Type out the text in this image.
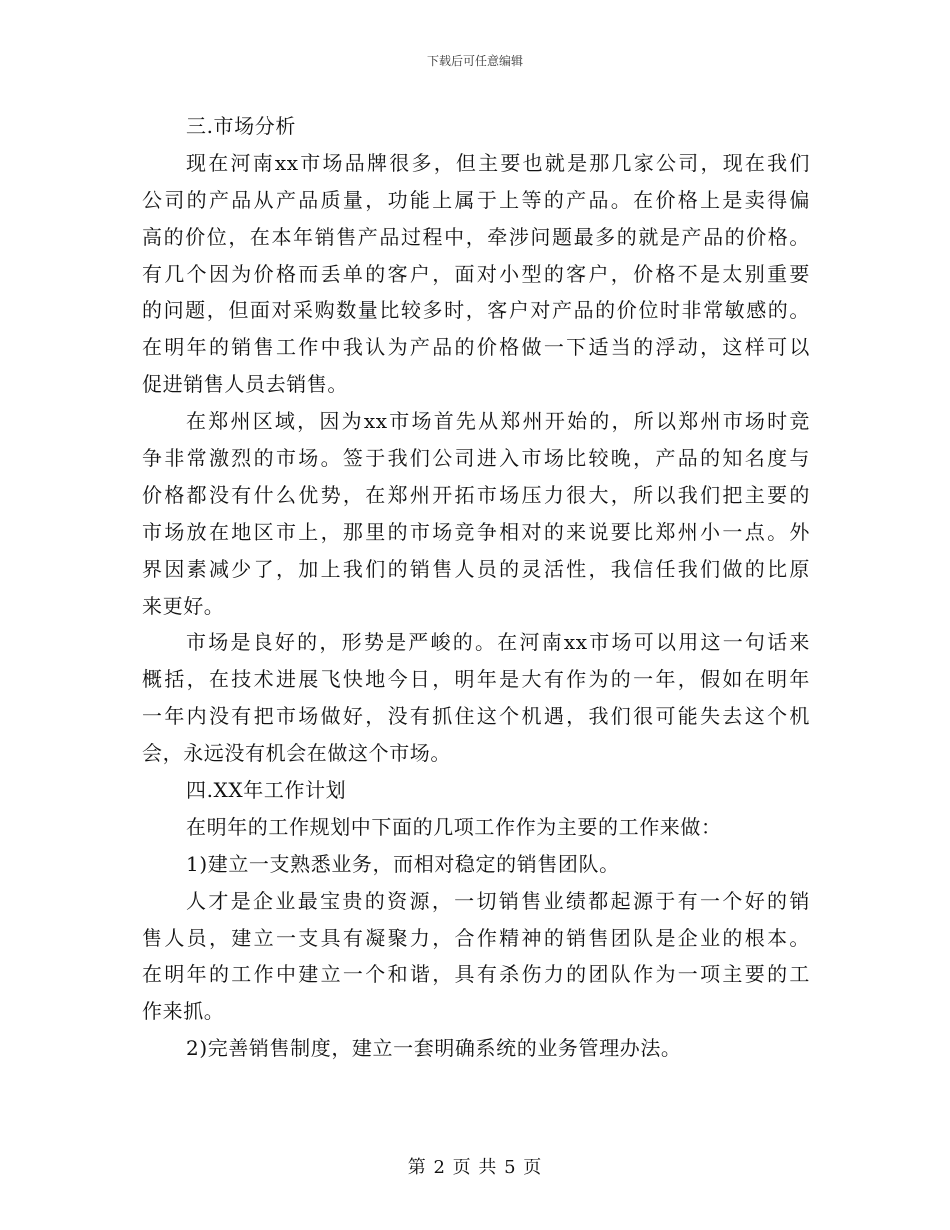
下载后可任意编辑
三.市场分析
现在河南xx市场品牌很多，但主要也就是那几家公司，现在我们
公司的产品从产品质量，功能上属于上等的产品。在价格上是卖得偏
高的价位，在本年销售产品过程中，牵涉问题最多的就是产品的价格。
有几个因为价格而丢单的客户，面对小型的客户，价格不是太别重要
的问题，但面对采购数量比较多时，客户对产品的价位时非常敏感的。
在明年的销售工作中我认为产品的价格做一下适当的浮动，这样可以
促进销售人员去销售。
在郑州区域，因为xx市场首先从郑州开始的，所以郑州市场时竞
争非常激烈的市场。签于我们公司进入市场比较晚，产品的知名度与
价格都没有什么优势，在郑州开拓市场压力很大，所以我们把主要的
市场放在地区市上，那里的市场竞争相对的来说要比郑州小一点。外
界因素减少了，加上我们的销售人员的灵活性，我信任我们做的比原
来更好。
市场是良好的，形势是严峻的。在河南xx市场可以用这一句话来
概括，在技术进展飞快地今日，明年是大有作为的一年，假如在明年
一年内没有把市场做好，没有抓住这个机遇，我们很可能失去这个机
会，永远没有机会在做这个市场。
四.XX年工作计划
在明年的工作规划中下面的几项工作作为主要的工作来做：
1)建立一支熟悉业务，而相对稳定的销售团队。
人才是企业最宝贵的资源，一切销售业绩都起源于有一个好的销
售人员，建立一支具有凝聚力，合作精神的销售团队是企业的根本。
在明年的工作中建立一个和谐，具有杀伤力的团队作为一项主要的工
作来抓。
2)完善销售制度，建立一套明确系统的业务管理办法。
第 2 页 共 5 页
